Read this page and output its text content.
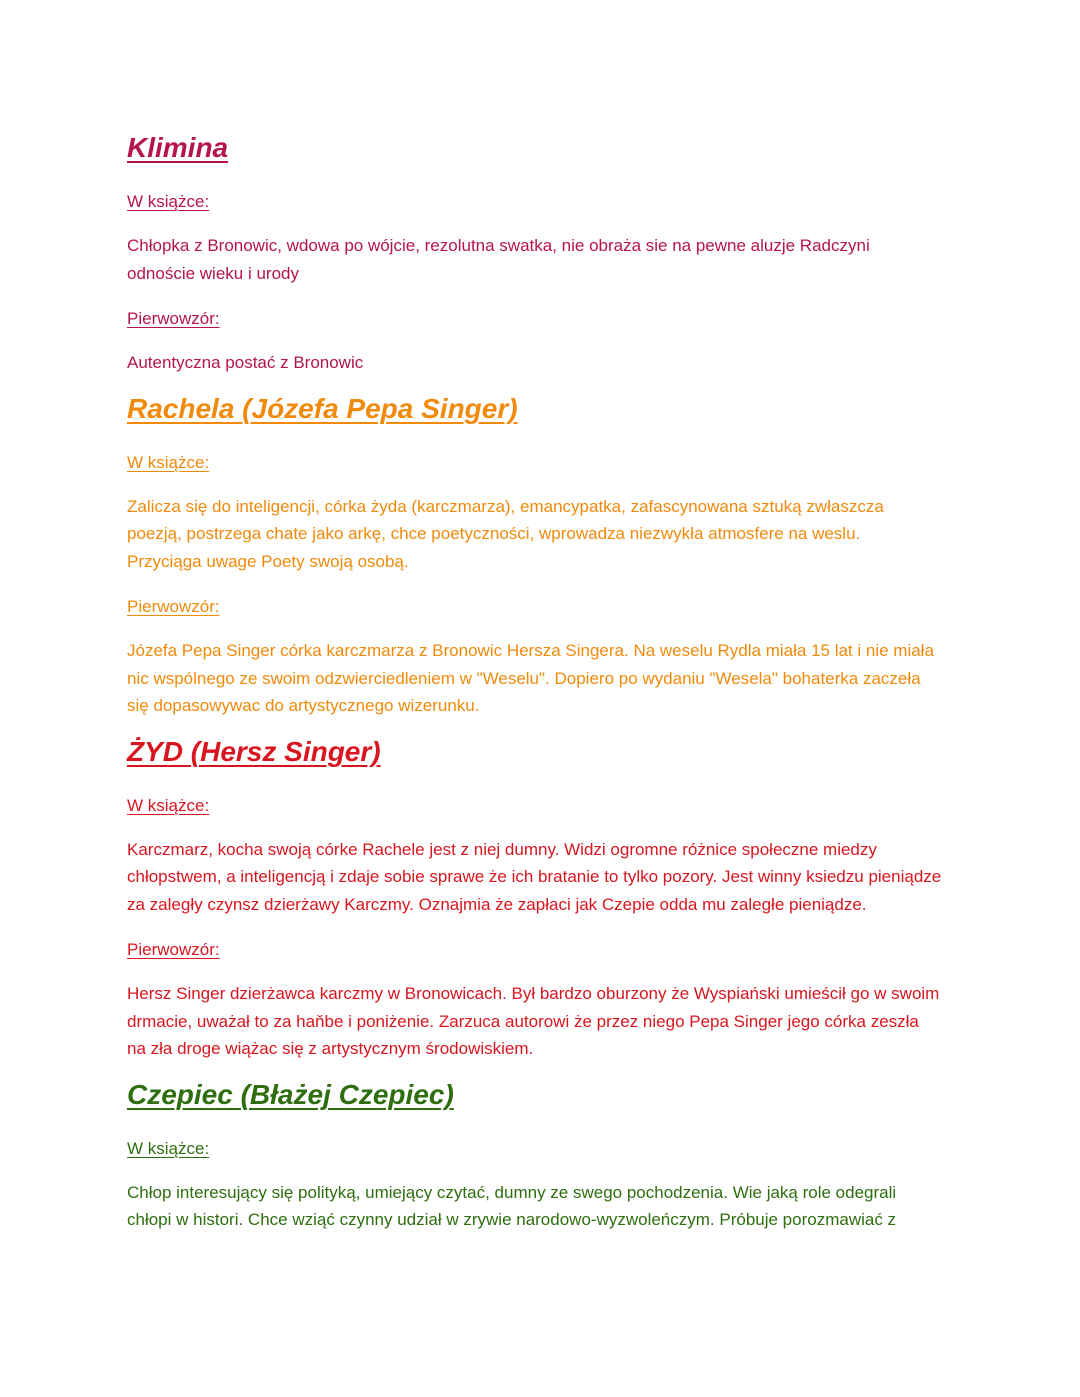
Klimina

W książce:

Chłopka z Bronowic, wdowa po wójcie, rezolutna swatka, nie obraża sie na pewne aluzje Radczyni odnoście wieku i urody

Pierwowzór:

Autentyczna postać z Bronowic

Rachela (Józefa Pepa Singer)

W książce:

Zalicza się do inteligencji, córka żyda (karczmarza), emancypatka, zafascynowana sztuką zwłaszcza poezją, postrzega chate jako arkę, chce poetyczności, wprowadza niezwykła atmosfere na weslu. Przyciąga uwage Poety swoją osobą.

Pierwowzór:

Józefa Pepa Singer córka karczmarza z Bronowic Hersza Singera. Na weselu Rydla miała 15 lat i nie miała nic wspólnego ze swoim odzwierciedleniem w "Weselu". Dopiero po wydaniu "Wesela" bohaterka zaczeła się dopasowywac do artystycznego wizerunku.

ŻYD (Hersz Singer)

W książce:

Karczmarz, kocha swoją córke Rachele jest z niej dumny. Widzi ogromne różnice społeczne miedzy chłopstwem, a inteligencją i zdaje sobie sprawe że ich bratanie to tylko pozory. Jest winny ksiedzu pieniądze za zaległy czynsz dzierżawy Karczmy. Oznajmia że zapłaci jak Czepie odda mu zaległe pieniądze.

Pierwowzór:

Hersz Singer dzierżawca karczmy w Bronowicach. Był bardzo oburzony że Wyspiański umieścił go w swoim drmacie, uważał to za haňbe i poniżenie. Zarzuca autorowi że przez niego Pepa Singer jego córka zeszła na zła droge wiążac się z artystycznym środowiskiem.

Czepiec (Błażej Czepiec)

W książce:

Chłop interesujący się polityką, umiejący czytać, dumny ze swego pochodzenia. Wie jaką role odegrali chłopi w histori. Chce wziąć czynny udział w zrywie narodowo-wyzwoleńczym. Próbuje porozmawiać z
